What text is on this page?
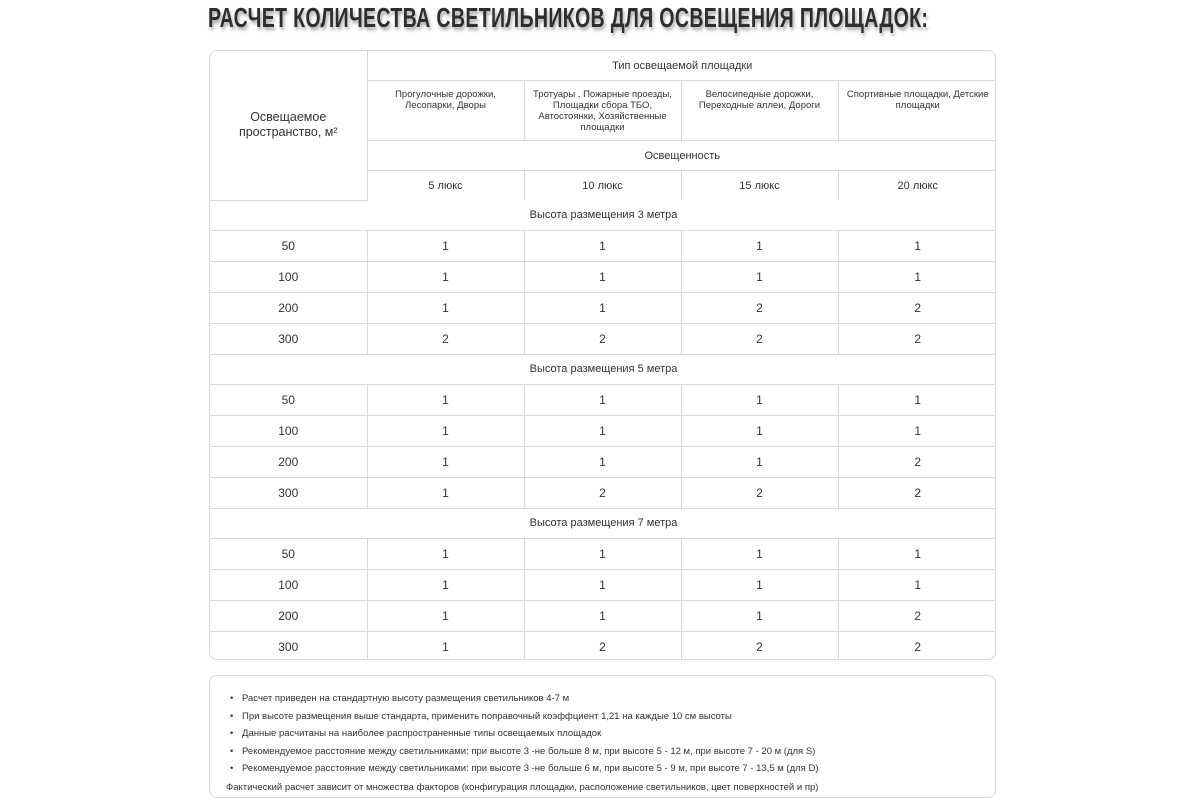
РАСЧЕТ КОЛИЧЕСТВА СВЕТИЛЬНИКОВ ДЛЯ ОСВЕЩЕНИЯ ПЛОЩАДОК:
Освещаемое пространство, м²	Тип освещаемой площадки			
	Прогулочные дорожки, Лесопарки, Дворы	Тротуары , Пожарные проезды, Площадки сбора ТБО, Автостоянки, Хозяйственные площадки	Велосипедные дорожки, Переходные аллеи, Дороги	Спортивные площадки, Детские площадки
	Освещенность			
	5 люкс	10 люкс	15 люкс	20 люкс
Высота размещения 3 метра				
50	1	1	1	1
100	1	1	1	1
200	1	1	2	2
300	2	2	2	2
Высота размещения 5 метра				
50	1	1	1	1
100	1	1	1	1
200	1	1	1	2
300	1	2	2	2
Высота размещения 7 метра				
50	1	1	1	1
100	1	1	1	1
200	1	1	1	2
300	1	2	2	2
• Расчет приведен на стандартную высоту размещения светильников 4-7 м
• При высоте размещения выше стандарта, применить поправочный коэффциент 1,21 на каждые 10 см высоты
• Данные расчитаны на наиболее распространенные типы освещаемых площадок
• Рекомендуемое расстояние между светильниками: при высоте 3 -не больше 8 м, при высоте 5 - 12 м, при высоте 7 - 20 м (для S)
• Рекомендуемое расстояние между светильниками: при высоте 3 -не больше 6 м, при высоте 5 - 9 м, при высоте 7 - 13,5 м (для D)
Фактический расчет зависит от множества факторов (конфигурация площадки, расположение светильников, цвет поверхностей и пр)
